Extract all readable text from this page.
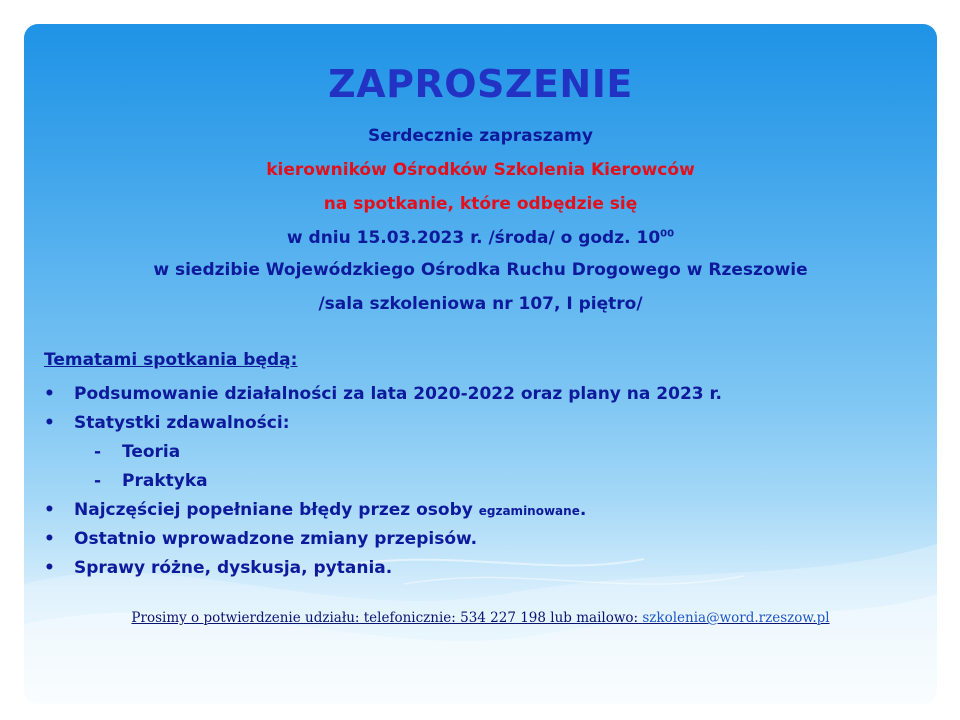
ZAPROSZENIE
Serdecznie zapraszamy
kierowników Ośrodków Szkolenia Kierowców
na spotkanie, które odbędzie się
w dniu 15.03.2023 r. /środa/ o godz. $10^{00}$
w siedzibie Wojewódzkiego Ośrodka Ruchu Drogowego w Rzeszowie
/sala szkoleniowa nr 107, I piętro/
Tematami spotkania będą:
• Podsumowanie działalności za lata 2020-2022 oraz plany na 2023 r.
• Statystki zdawalności:
- Teoria
- Praktyka
• Najczęściej popełniane błędy przez osoby egzaminowane.
• Ostatnio wprowadzone zmiany przepisów.
• Sprawy różne, dyskusja, pytania.
Prosimy o potwierdzenie udziału: telefonicznie: 534 227 198 lub mailowo: szkolenia@word.rzeszow.pl
